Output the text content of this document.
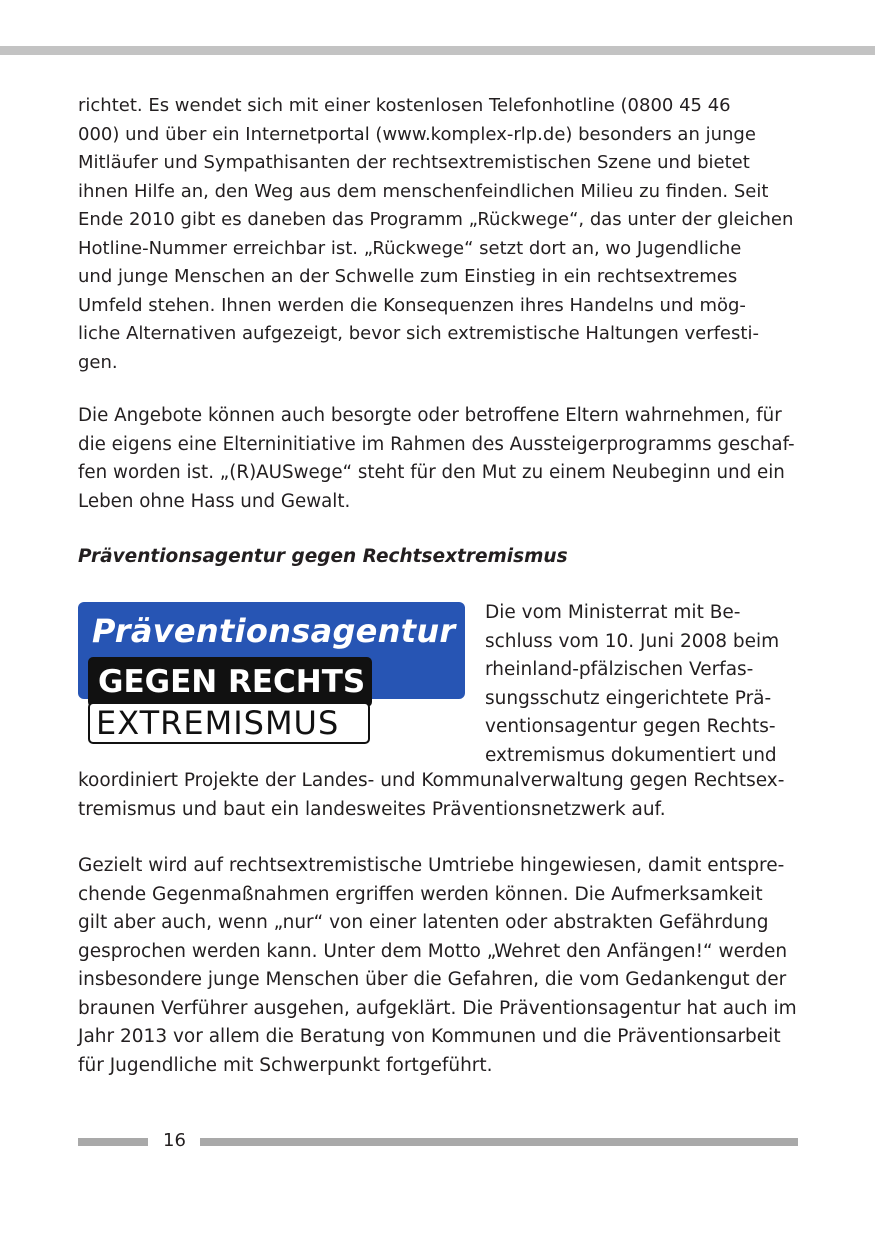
richtet. Es wendet sich mit einer kostenlosen Telefonhotline (0800 45 46
000) und über ein Internetportal (www.komplex-rlp.de) besonders an junge
Mitläufer und Sympathisanten der rechtsextremistischen Szene und bietet
ihnen Hilfe an, den Weg aus dem menschenfeindlichen Milieu zu finden. Seit
Ende 2010 gibt es daneben das Programm „Rückwege“, das unter der gleichen
Hotline-Nummer erreichbar ist. „Rückwege“ setzt dort an, wo Jugendliche
und junge Menschen an der Schwelle zum Einstieg in ein rechtsextremes
Umfeld stehen. Ihnen werden die Konsequenzen ihres Handelns und mög-
liche Alternativen aufgezeigt, bevor sich extremistische Haltungen verfesti-
gen.

Die Angebote können auch besorgte oder betroffene Eltern wahrnehmen, für
die eigens eine Elterninitiative im Rahmen des Aussteigerprogramms geschaf-
fen worden ist. „(R)AUSwege“ steht für den Mut zu einem Neubeginn und ein
Leben ohne Hass und Gewalt.

Präventionsagentur gegen Rechtsextremismus
Präventionsagentur
GEGEN RECHTS
EXTREMISMUS

Die vom Ministerrat mit Be-
schluss vom 10. Juni 2008 beim
rheinland-pfälzischen Verfas-
sungsschutz eingerichtete Prä-
ventionsagentur gegen Rechts-
extremismus dokumentiert und

koordiniert Projekte der Landes- und Kommunalverwaltung gegen Rechtsex-
tremismus und baut ein landesweites Präventionsnetzwerk auf.

Gezielt wird auf rechtsextremistische Umtriebe hingewiesen, damit entspre-
chende Gegenmaßnahmen ergriffen werden können. Die Aufmerksamkeit
gilt aber auch, wenn „nur“ von einer latenten oder abstrakten Gefährdung
gesprochen werden kann. Unter dem Motto „Wehret den Anfängen!“ werden
insbesondere junge Menschen über die Gefahren, die vom Gedankengut der
braunen Verführer ausgehen, aufgeklärt. Die Präventionsagentur hat auch im
Jahr 2013 vor allem die Beratung von Kommunen und die Präventionsarbeit
für Jugendliche mit Schwerpunkt fortgeführt.

16
